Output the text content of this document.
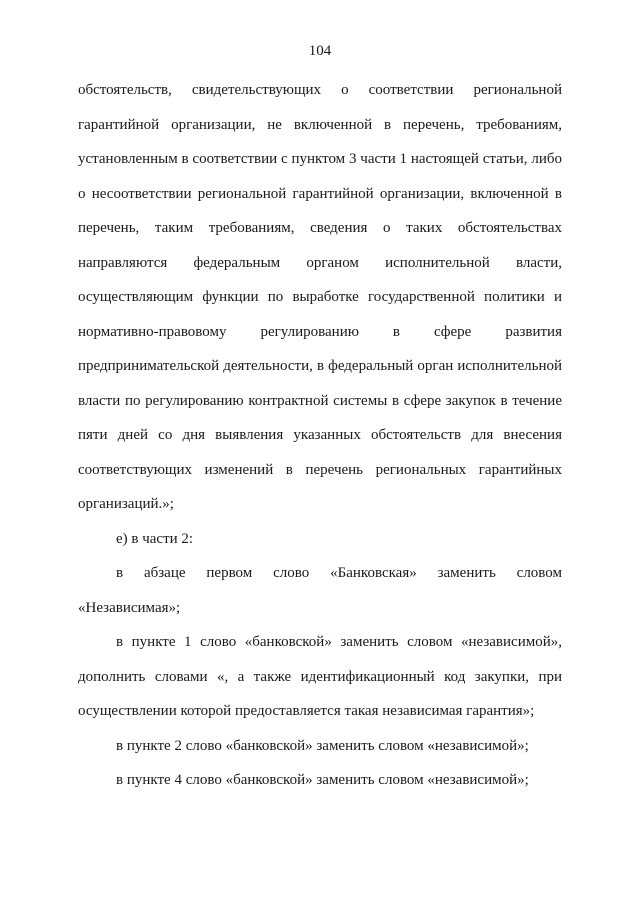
104
обстоятельств, свидетельствующих о соответствии региональной
гарантийной организации, не включенной в перечень, требованиям,
установленным в соответствии с пунктом 3 части 1 настоящей статьи, либо
о несоответствии региональной гарантийной организации, включенной в
перечень, таким требованиям, сведения о таких обстоятельствах
направляются федеральным органом исполнительной власти,
осуществляющим функции по выработке государственной политики и
нормативно-правовому регулированию в сфере развития
предпринимательской деятельности, в федеральный орган исполнительной
власти по регулированию контрактной системы в сфере закупок в течение
пяти дней со дня выявления указанных обстоятельств для внесения
соответствующих изменений в перечень региональных гарантийных
организаций.»;
е) в части 2:
в абзаце первом слово «Банковская» заменить словом
«Независимая»;
в пункте 1 слово «банковской» заменить словом «независимой»,
дополнить словами «, а также идентификационный код закупки, при
осуществлении которой предоставляется такая независимая гарантия»;
в пункте 2 слово «банковской» заменить словом «независимой»;
в пункте 4 слово «банковской» заменить словом «независимой»;
